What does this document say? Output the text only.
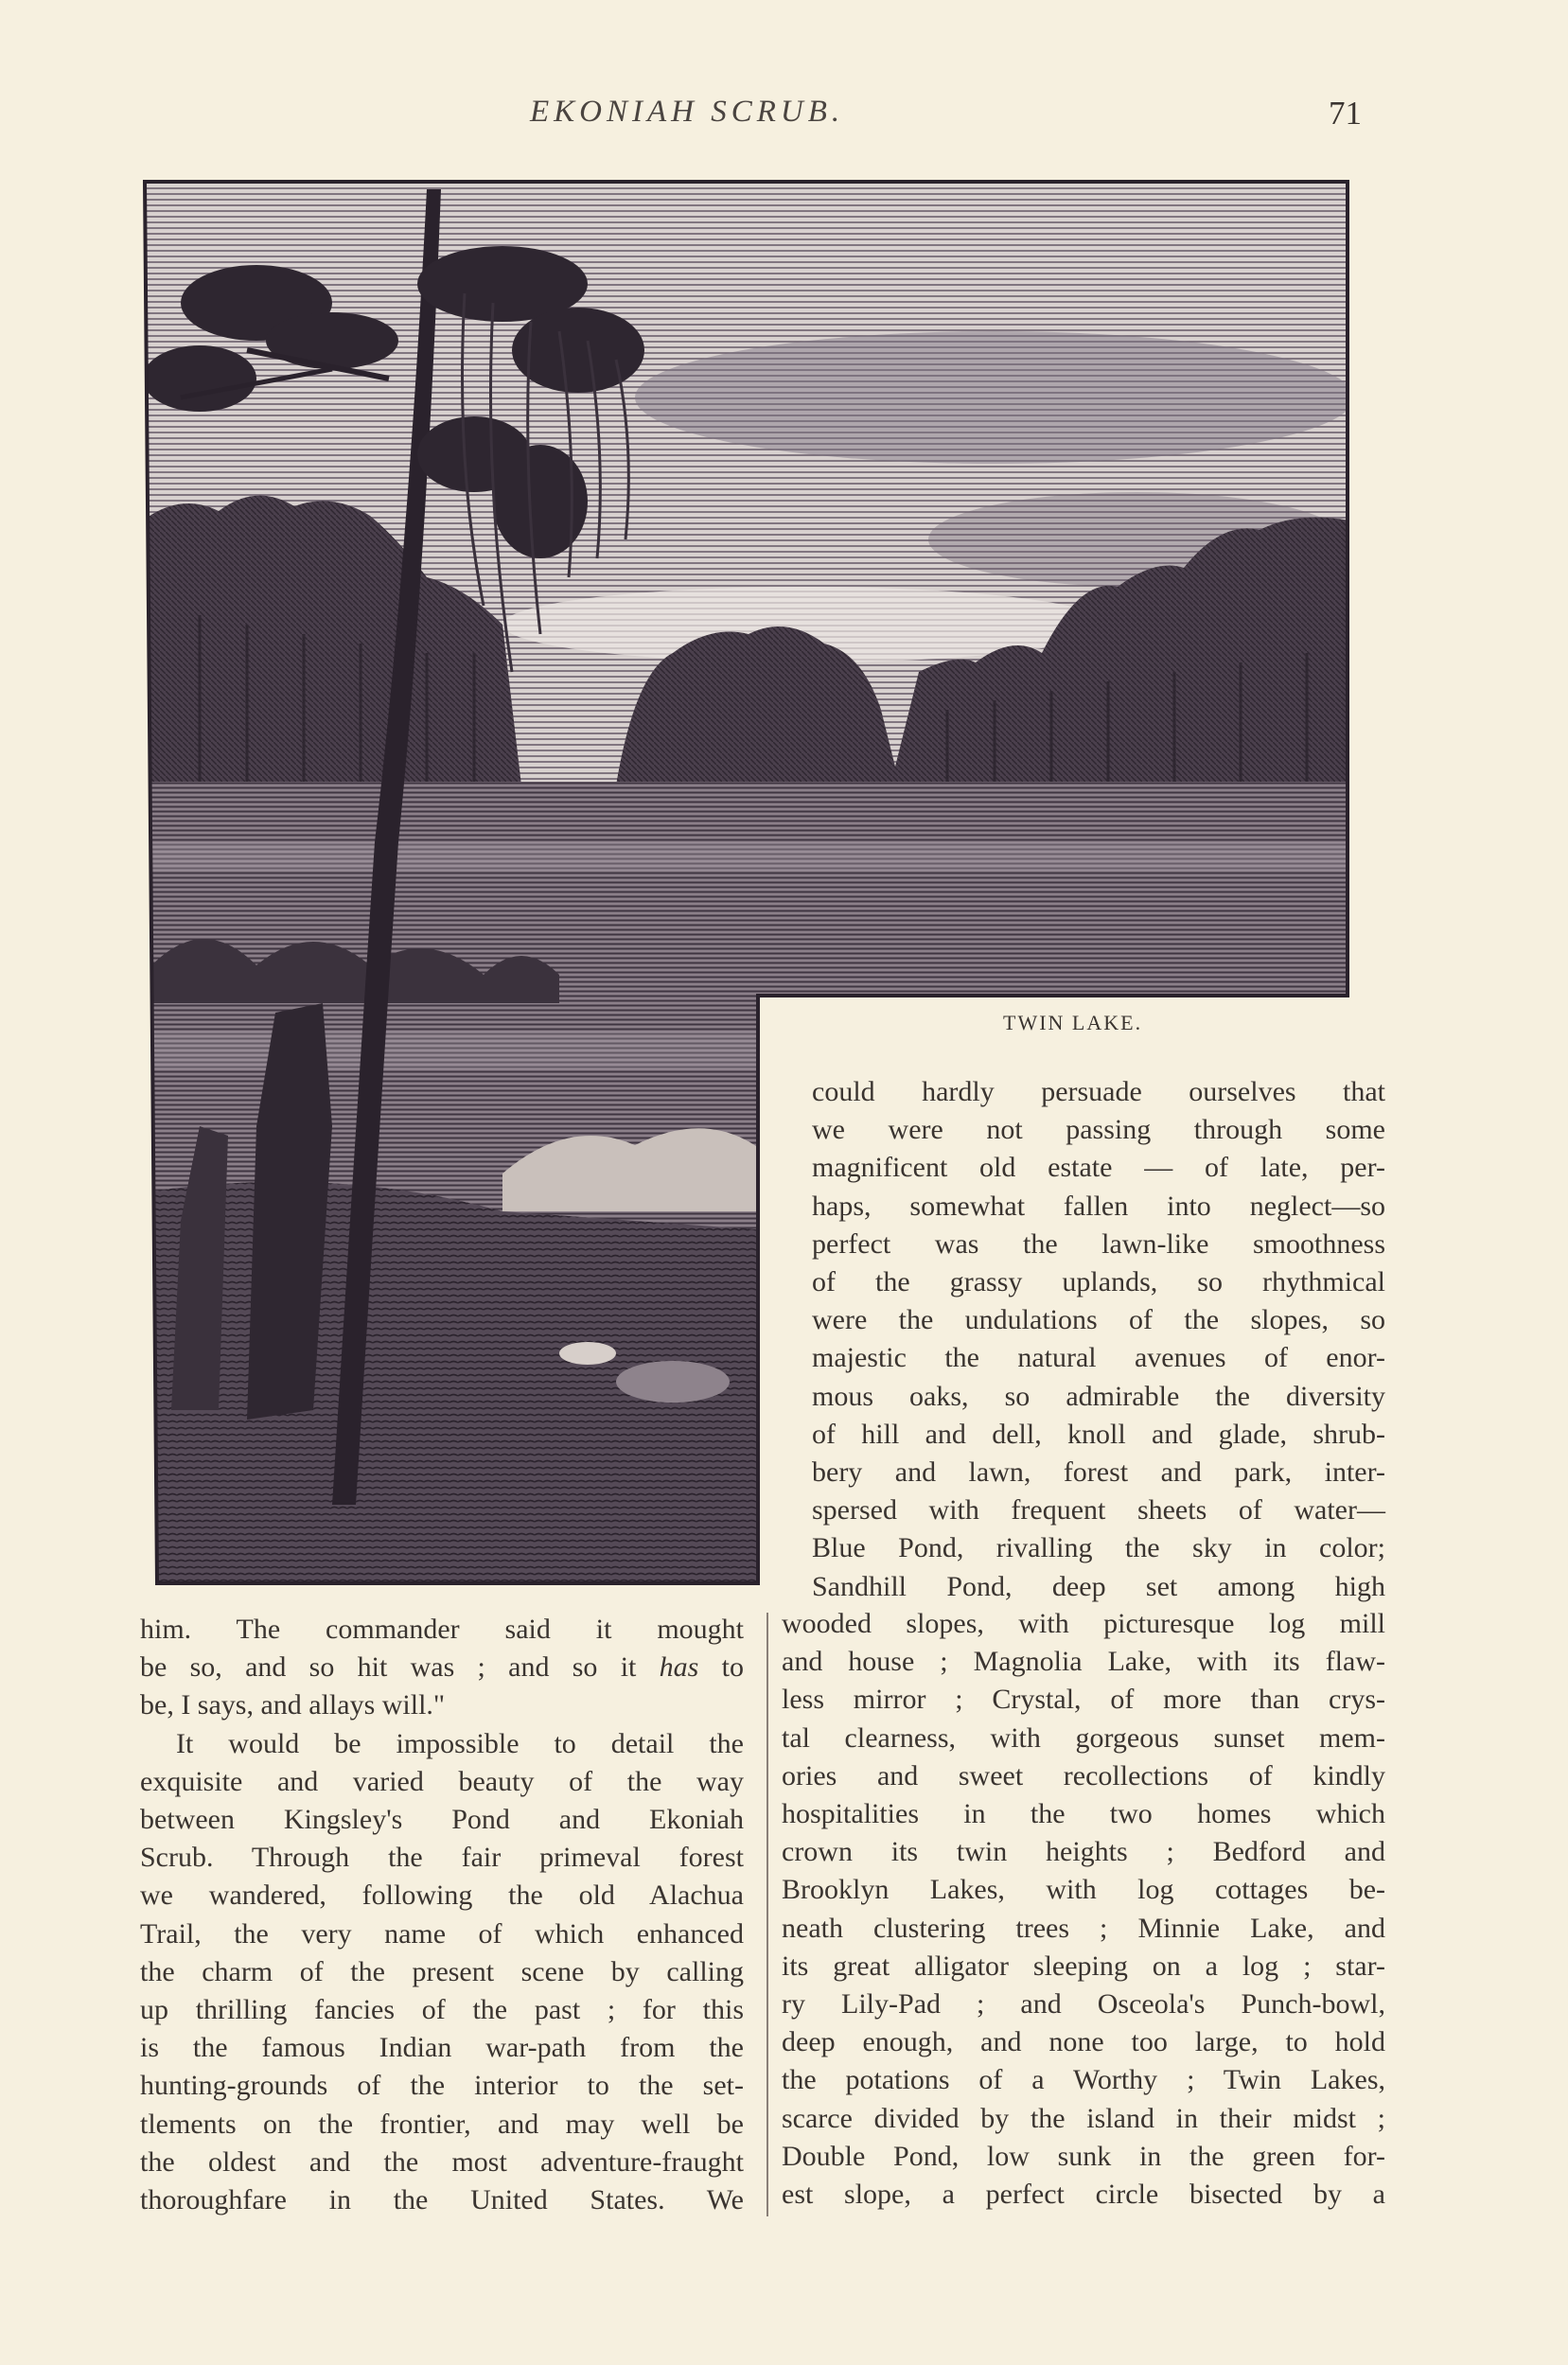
EKONIAH SCRUB.	71
TWIN LAKE.
could hardly persuade ourselves that
we were not passing through some
magnificent old estate — of late, per-
haps, somewhat fallen into neglect—so
perfect was the lawn-like smoothness
of the grassy uplands, so rhythmical
were the undulations of the slopes, so
majestic the natural avenues of enor-
mous oaks, so admirable the diversity
of hill and dell, knoll and glade, shrub-
bery and lawn, forest and park, inter-
spersed with frequent sheets of water—
Blue Pond, rivalling the sky in color;
Sandhill Pond, deep set among high
him. The commander said it mought
be so, and so hit was ; and so it has to
be, I says, and allays will."
It would be impossible to detail the
exquisite and varied beauty of the way
between Kingsley's Pond and Ekoniah
Scrub. Through the fair primeval forest
we wandered, following the old Alachua
Trail, the very name of which enhanced
the charm of the present scene by calling
up thrilling fancies of the past ; for this
is the famous Indian war-path from the
hunting-grounds of the interior to the set-
tlements on the frontier, and may well be
the oldest and the most adventure-fraught
thoroughfare in the United States. We
wooded slopes, with picturesque log mill
and house ; Magnolia Lake, with its flaw-
less mirror ; Crystal, of more than crys-
tal clearness, with gorgeous sunset mem-
ories and sweet recollections of kindly
hospitalities in the two homes which
crown its twin heights ; Bedford and
Brooklyn Lakes, with log cottages be-
neath clustering trees ; Minnie Lake, and
its great alligator sleeping on a log ; star-
ry Lily-Pad ; and Osceola's Punch-bowl,
deep enough, and none too large, to hold
the potations of a Worthy ; Twin Lakes,
scarce divided by the island in their midst ;
Double Pond, low sunk in the green for-
est slope, a perfect circle bisected by a
